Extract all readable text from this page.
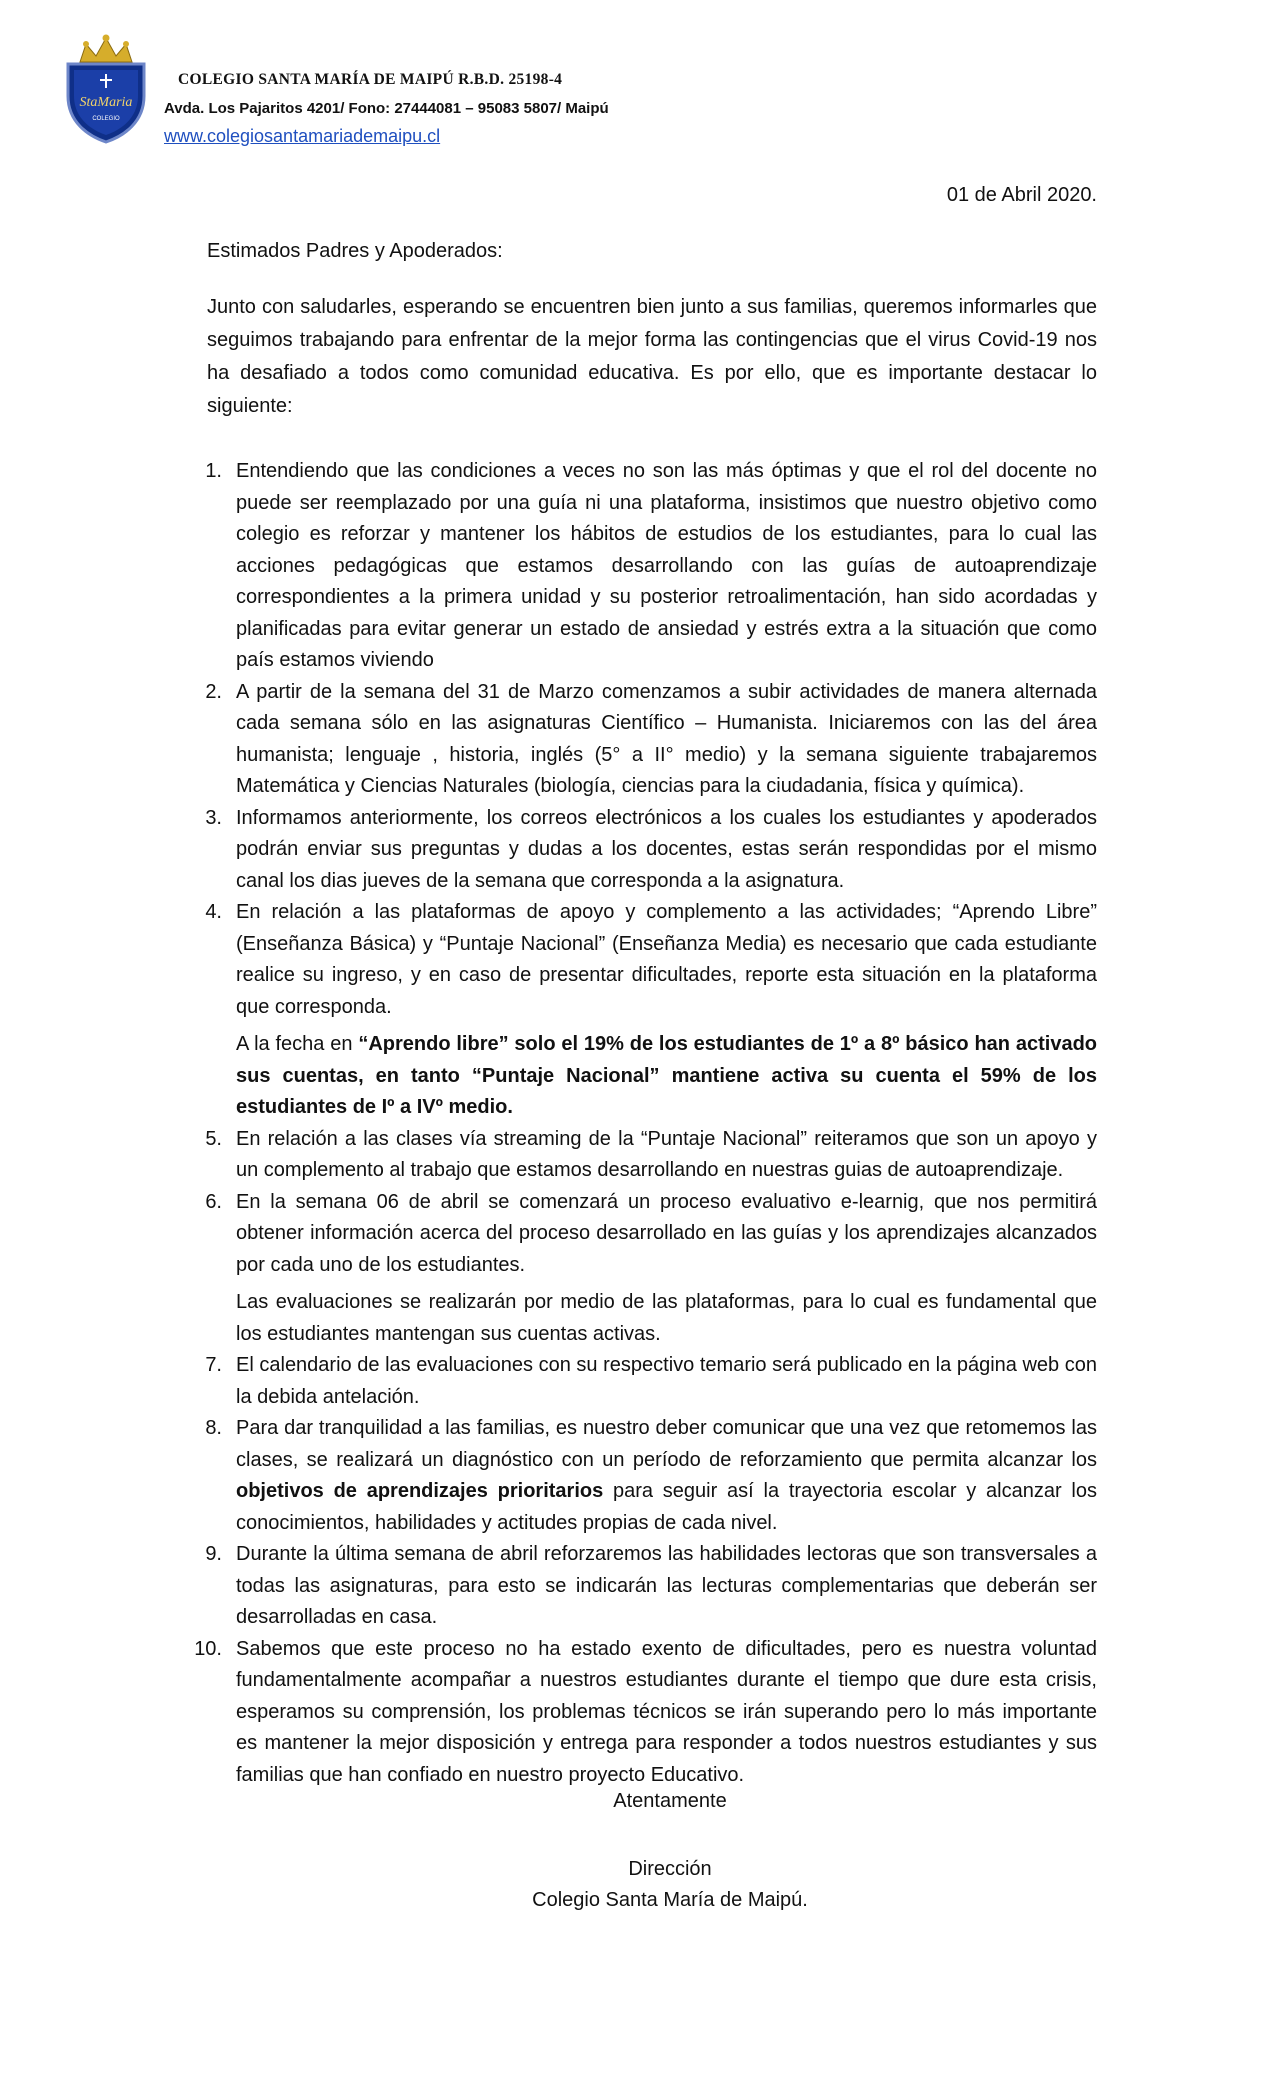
StaMaria
COLEGIO
COLEGIO SANTA MARÍA DE MAIPÚ R.B.D. 25198-4
Avda. Los Pajaritos 4201/ Fono: 27444081 – 95083 5807/ Maipú
www.colegiosantamariademaipu.cl
01 de Abril 2020.
Estimados Padres y Apoderados:

Junto con saludarles, esperando se encuentren bien junto a sus familias, queremos informarles que seguimos trabajando para enfrentar de la mejor forma las contingencias que el virus Covid-19 nos ha desafiado a todos como comunidad educativa. Es por ello, que es importante destacar lo siguiente:

1. Entendiendo que las condiciones a veces no son las más óptimas y que el rol del docente no puede ser reemplazado por una guía ni una plataforma, insistimos que nuestro objetivo como colegio es reforzar y mantener los hábitos de estudios de los estudiantes, para lo cual las acciones pedagógicas que estamos desarrollando con las guías de autoaprendizaje correspondientes a la primera unidad y su posterior retroalimentación, han sido acordadas y planificadas para evitar generar un estado de ansiedad y estrés extra a la situación que como país estamos viviendo

2. A partir de la semana del 31 de Marzo comenzamos a subir actividades de manera alternada cada semana sólo en las asignaturas Científico – Humanista. Iniciaremos con las del área humanista; lenguaje , historia, inglés (5° a II° medio) y la semana siguiente trabajaremos Matemática y Ciencias Naturales (biología, ciencias para la ciudadania, física y química).

3. Informamos anteriormente, los correos electrónicos a los cuales los estudiantes y apoderados podrán enviar sus preguntas y dudas a los docentes, estas serán respondidas por el mismo canal los dias jueves de la semana que corresponda a la asignatura.

4. En relación a las plataformas de apoyo y complemento a las actividades; “Aprendo Libre” (Enseñanza Básica) y “Puntaje Nacional” (Enseñanza Media) es necesario que cada estudiante realice su ingreso, y en caso de presentar dificultades, reporte esta situación en la plataforma que corresponda.

A la fecha en “Aprendo libre” solo el 19% de los estudiantes de 1º a 8º básico han activado sus cuentas, en tanto “Puntaje Nacional” mantiene activa su cuenta el 59% de los estudiantes de Iº a IVº medio.

5. En relación a las clases vía streaming de la “Puntaje Nacional” reiteramos que son un apoyo y un complemento al trabajo que estamos desarrollando en nuestras guias de autoaprendizaje.

6. En la semana 06 de abril se comenzará un proceso evaluativo e-learnig, que nos permitirá obtener información acerca del proceso desarrollado en las guías y los aprendizajes alcanzados por cada uno de los estudiantes.

Las evaluaciones se realizarán por medio de las plataformas, para lo cual es fundamental que los estudiantes mantengan sus cuentas activas.

7. El calendario de las evaluaciones con su respectivo temario será publicado en la página web con la debida antelación.

8. Para dar tranquilidad a las familias, es nuestro deber comunicar que una vez que retomemos las clases, se realizará un diagnóstico con un período de reforzamiento que permita alcanzar los objetivos de aprendizajes prioritarios para seguir así la trayectoria escolar y alcanzar los conocimientos, habilidades y actitudes propias de cada nivel.

9. Durante la última semana de abril reforzaremos las habilidades lectoras que son transversales a todas las asignaturas, para esto se indicarán las lecturas complementarias que deberán ser desarrolladas en casa.

10. Sabemos que este proceso no ha estado exento de dificultades, pero es nuestra voluntad fundamentalmente acompañar a nuestros estudiantes durante el tiempo que dure esta crisis, esperamos su comprensión, los problemas técnicos se irán superando pero lo más importante es mantener la mejor disposición y entrega para responder a todos nuestros estudiantes y sus familias que han confiado en nuestro proyecto Educativo.

Atentamente
Dirección
Colegio Santa María de Maipú.
